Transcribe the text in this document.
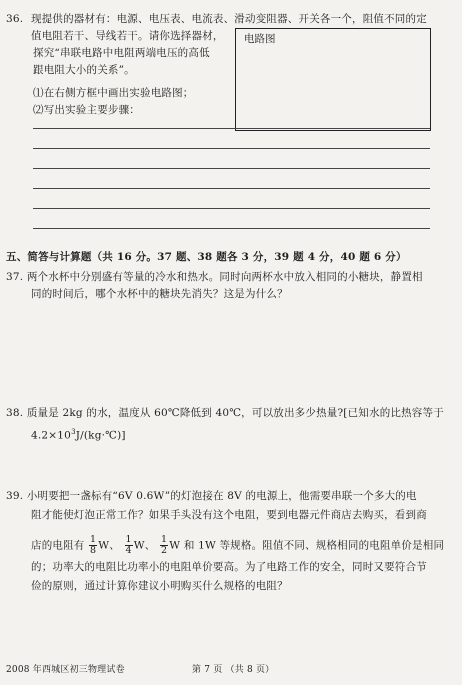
36. 现提供的器材有：电源、电压表、电流表、滑动变阻器、开关各一个，阻值不同的定
值电阻若干、导线若干。请你选择器材，
探究“串联电路中电阻两端电压的高低
跟电阻大小的关系”。
⑴在右侧方框中画出实验电路图；
⑵写出实验主要步骤：
电路图
五、简答与计算题（共 16 分。37 题、38 题各 3 分，39 题 4 分，40 题 6 分）
37. 两个水杯中分别盛有等量的冷水和热水。同时向两杯水中放入相同的小糖块，静置相
同的时间后，哪个水杯中的糖块先消失？这是为什么？
38. 质量是 2kg 的水，温度从 60℃降低到 40℃，可以放出多少热量?[已知水的比热容等于
$4.2\times 10^3J/(kg\cdot℃)$]
39. 小明要把一盏标有“6V 0.6W”的灯泡接在 8V 的电源上，他需要串联一个多大的电
阻才能使灯泡正常工作？如果手头没有这个电阻，要到电器元件商店去购买，看到商
店的电阻有 $\frac{1}{8}$ W、 $\frac{1}{4}$ W、 $\frac{1}{2}$ W 和 1W 等规格。阻值不同、规格相同的电阻单价是相同
的；功率大的电阻比功率小的电阻单价要高。为了电路工作的安全，同时又要符合节
俭的原则，通过计算你建议小明购买什么规格的电阻？
2008 年西城区初三物理试卷	第 7 页 （共 8 页）
